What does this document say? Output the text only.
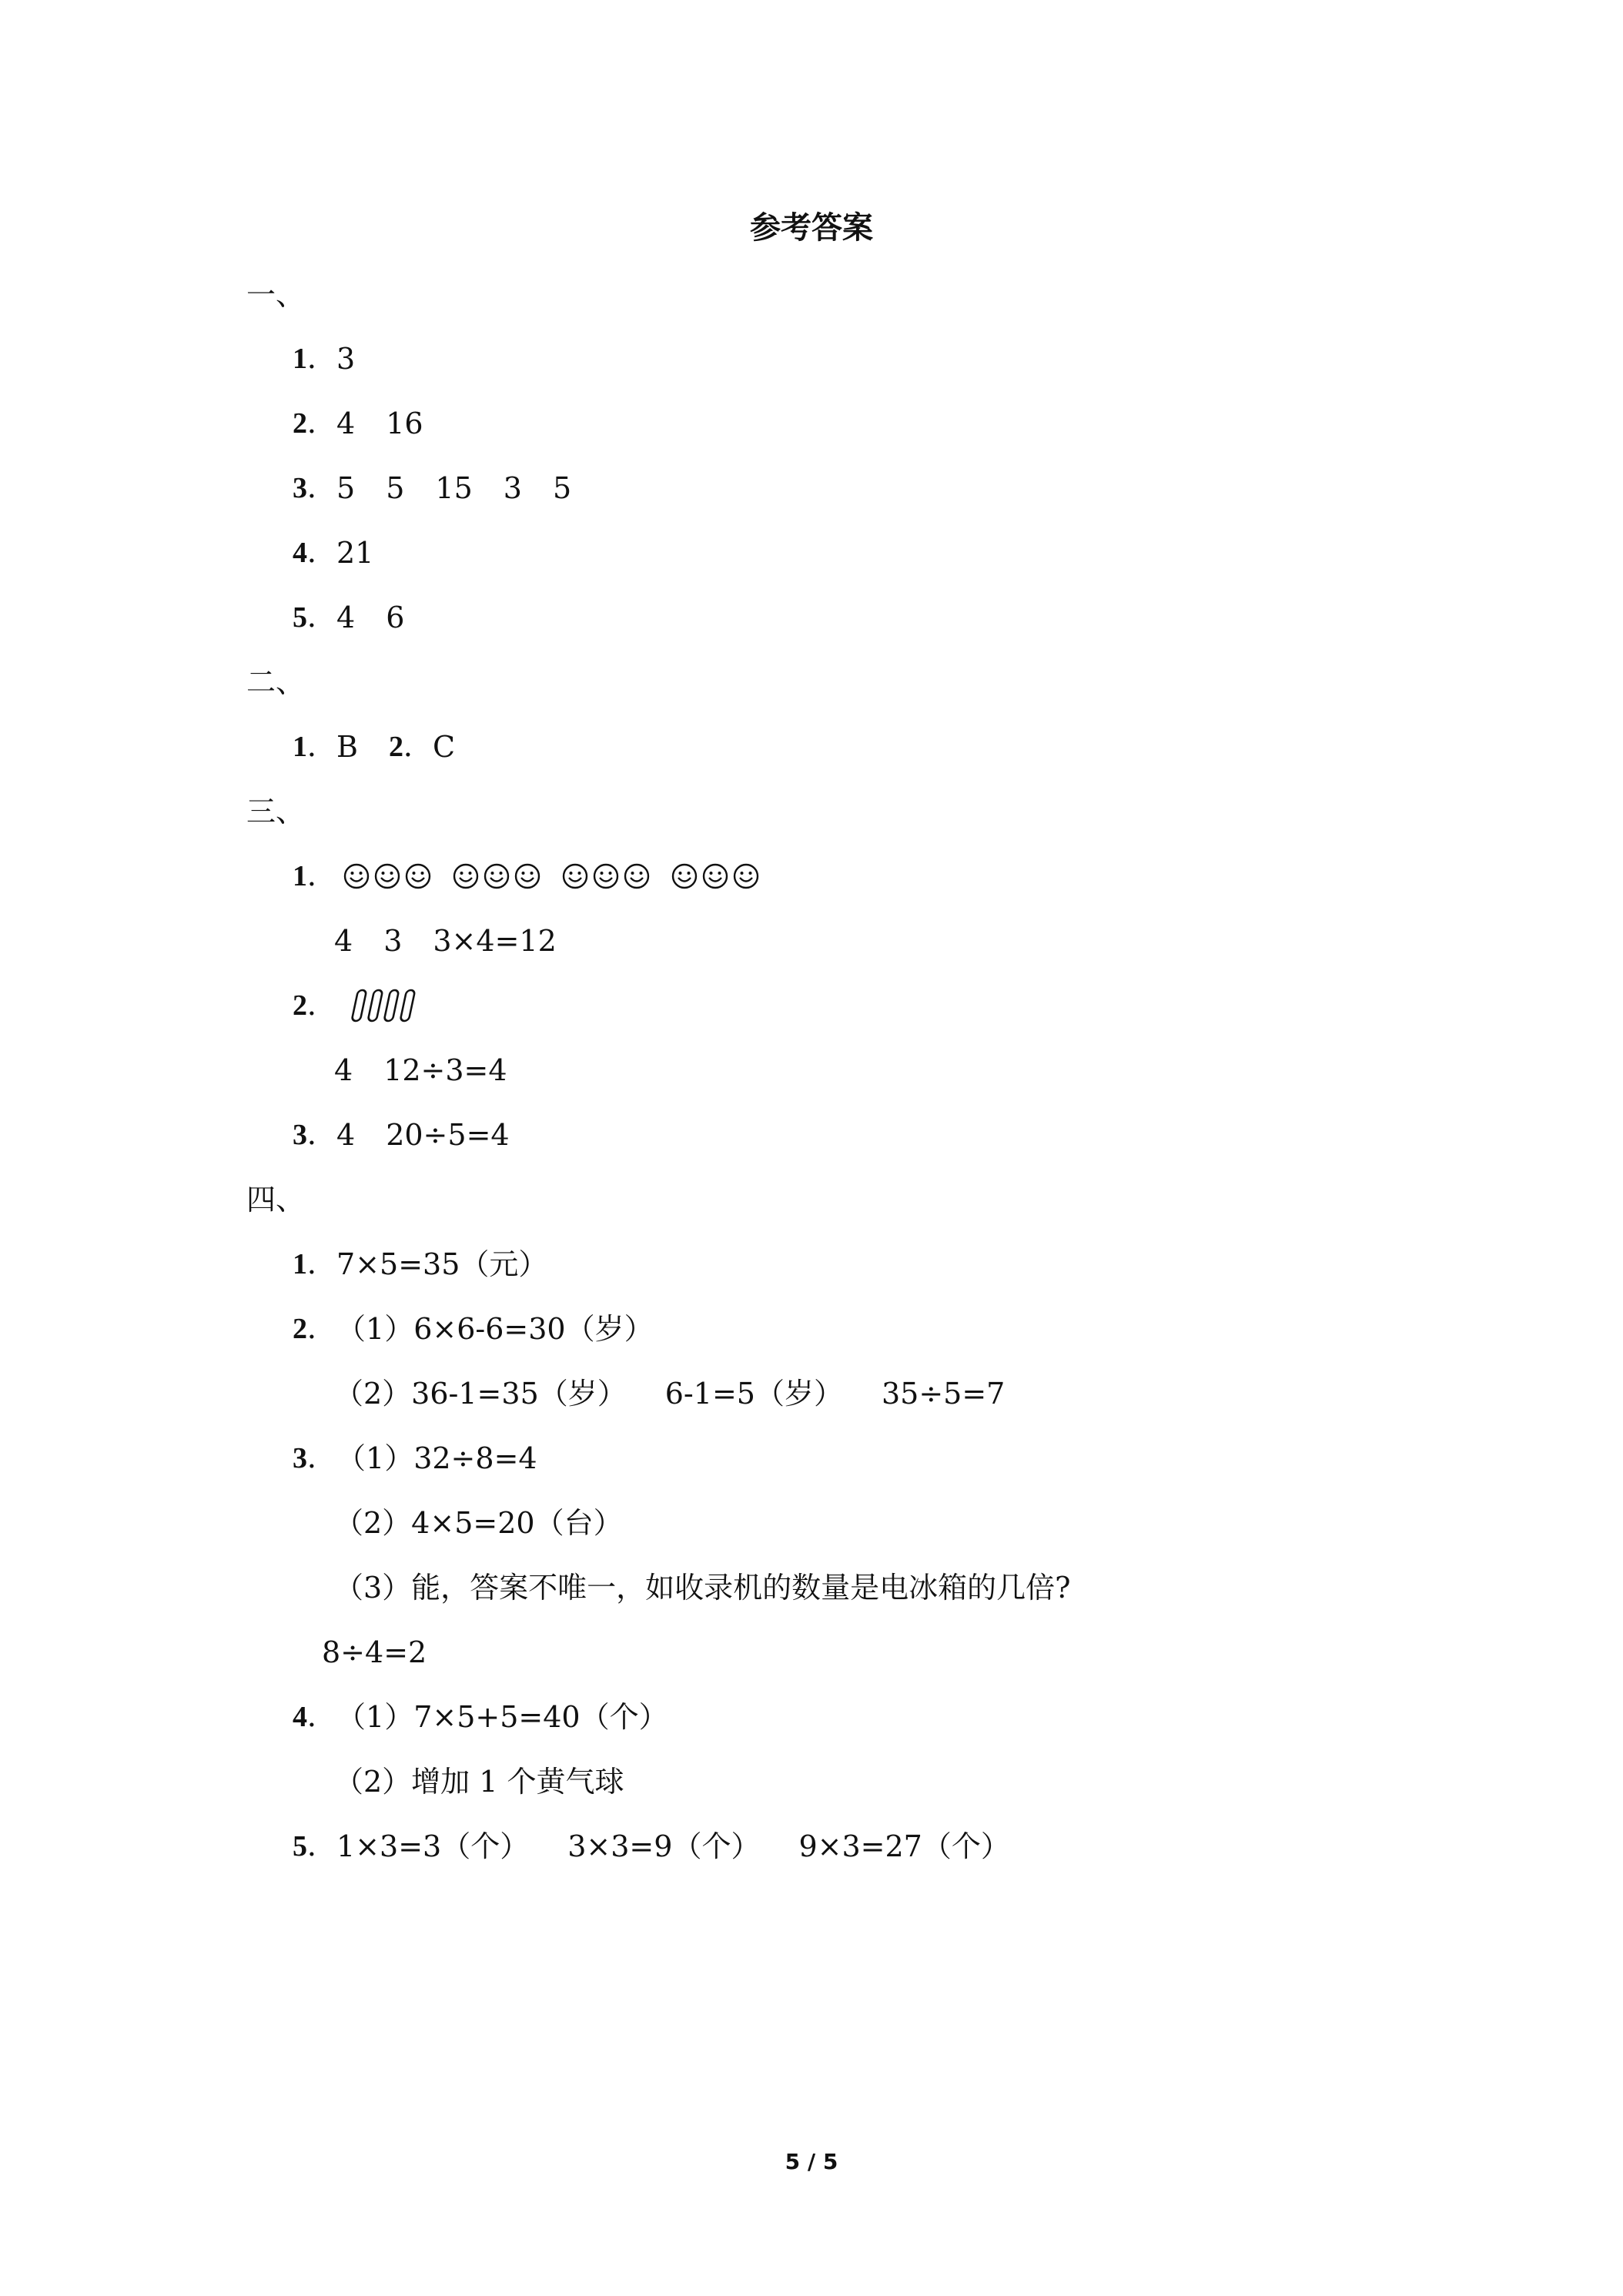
参考答案
一、
1 ． 3
2 ． 4 16
3 ． 5 5 15 3 5
4 ． 21
5 ． 4 6
二、
1 ． B 2 ． C
三、
1 ．
4 3 3×4=12
2 ．
4 12÷3=4
3 ． 4 20÷5=4
四、
1 ． 7×5=35（元）
2 ． （1）6×6-6=30（岁）
（2）36-1=35（岁） 6-1=5（岁） 35÷5=7
3 ． （1）32÷8=4
（2）4×5=20（台）
（3）能，答案不唯一，如收录机的数量是电冰箱的几倍?
8÷4=2
4 ． （1）7×5+5=40（个）
（2）增加 1 个黄气球
5 ． 1×3=3（个） 3×3=9（个） 9×3=27（个）
5 / 5
